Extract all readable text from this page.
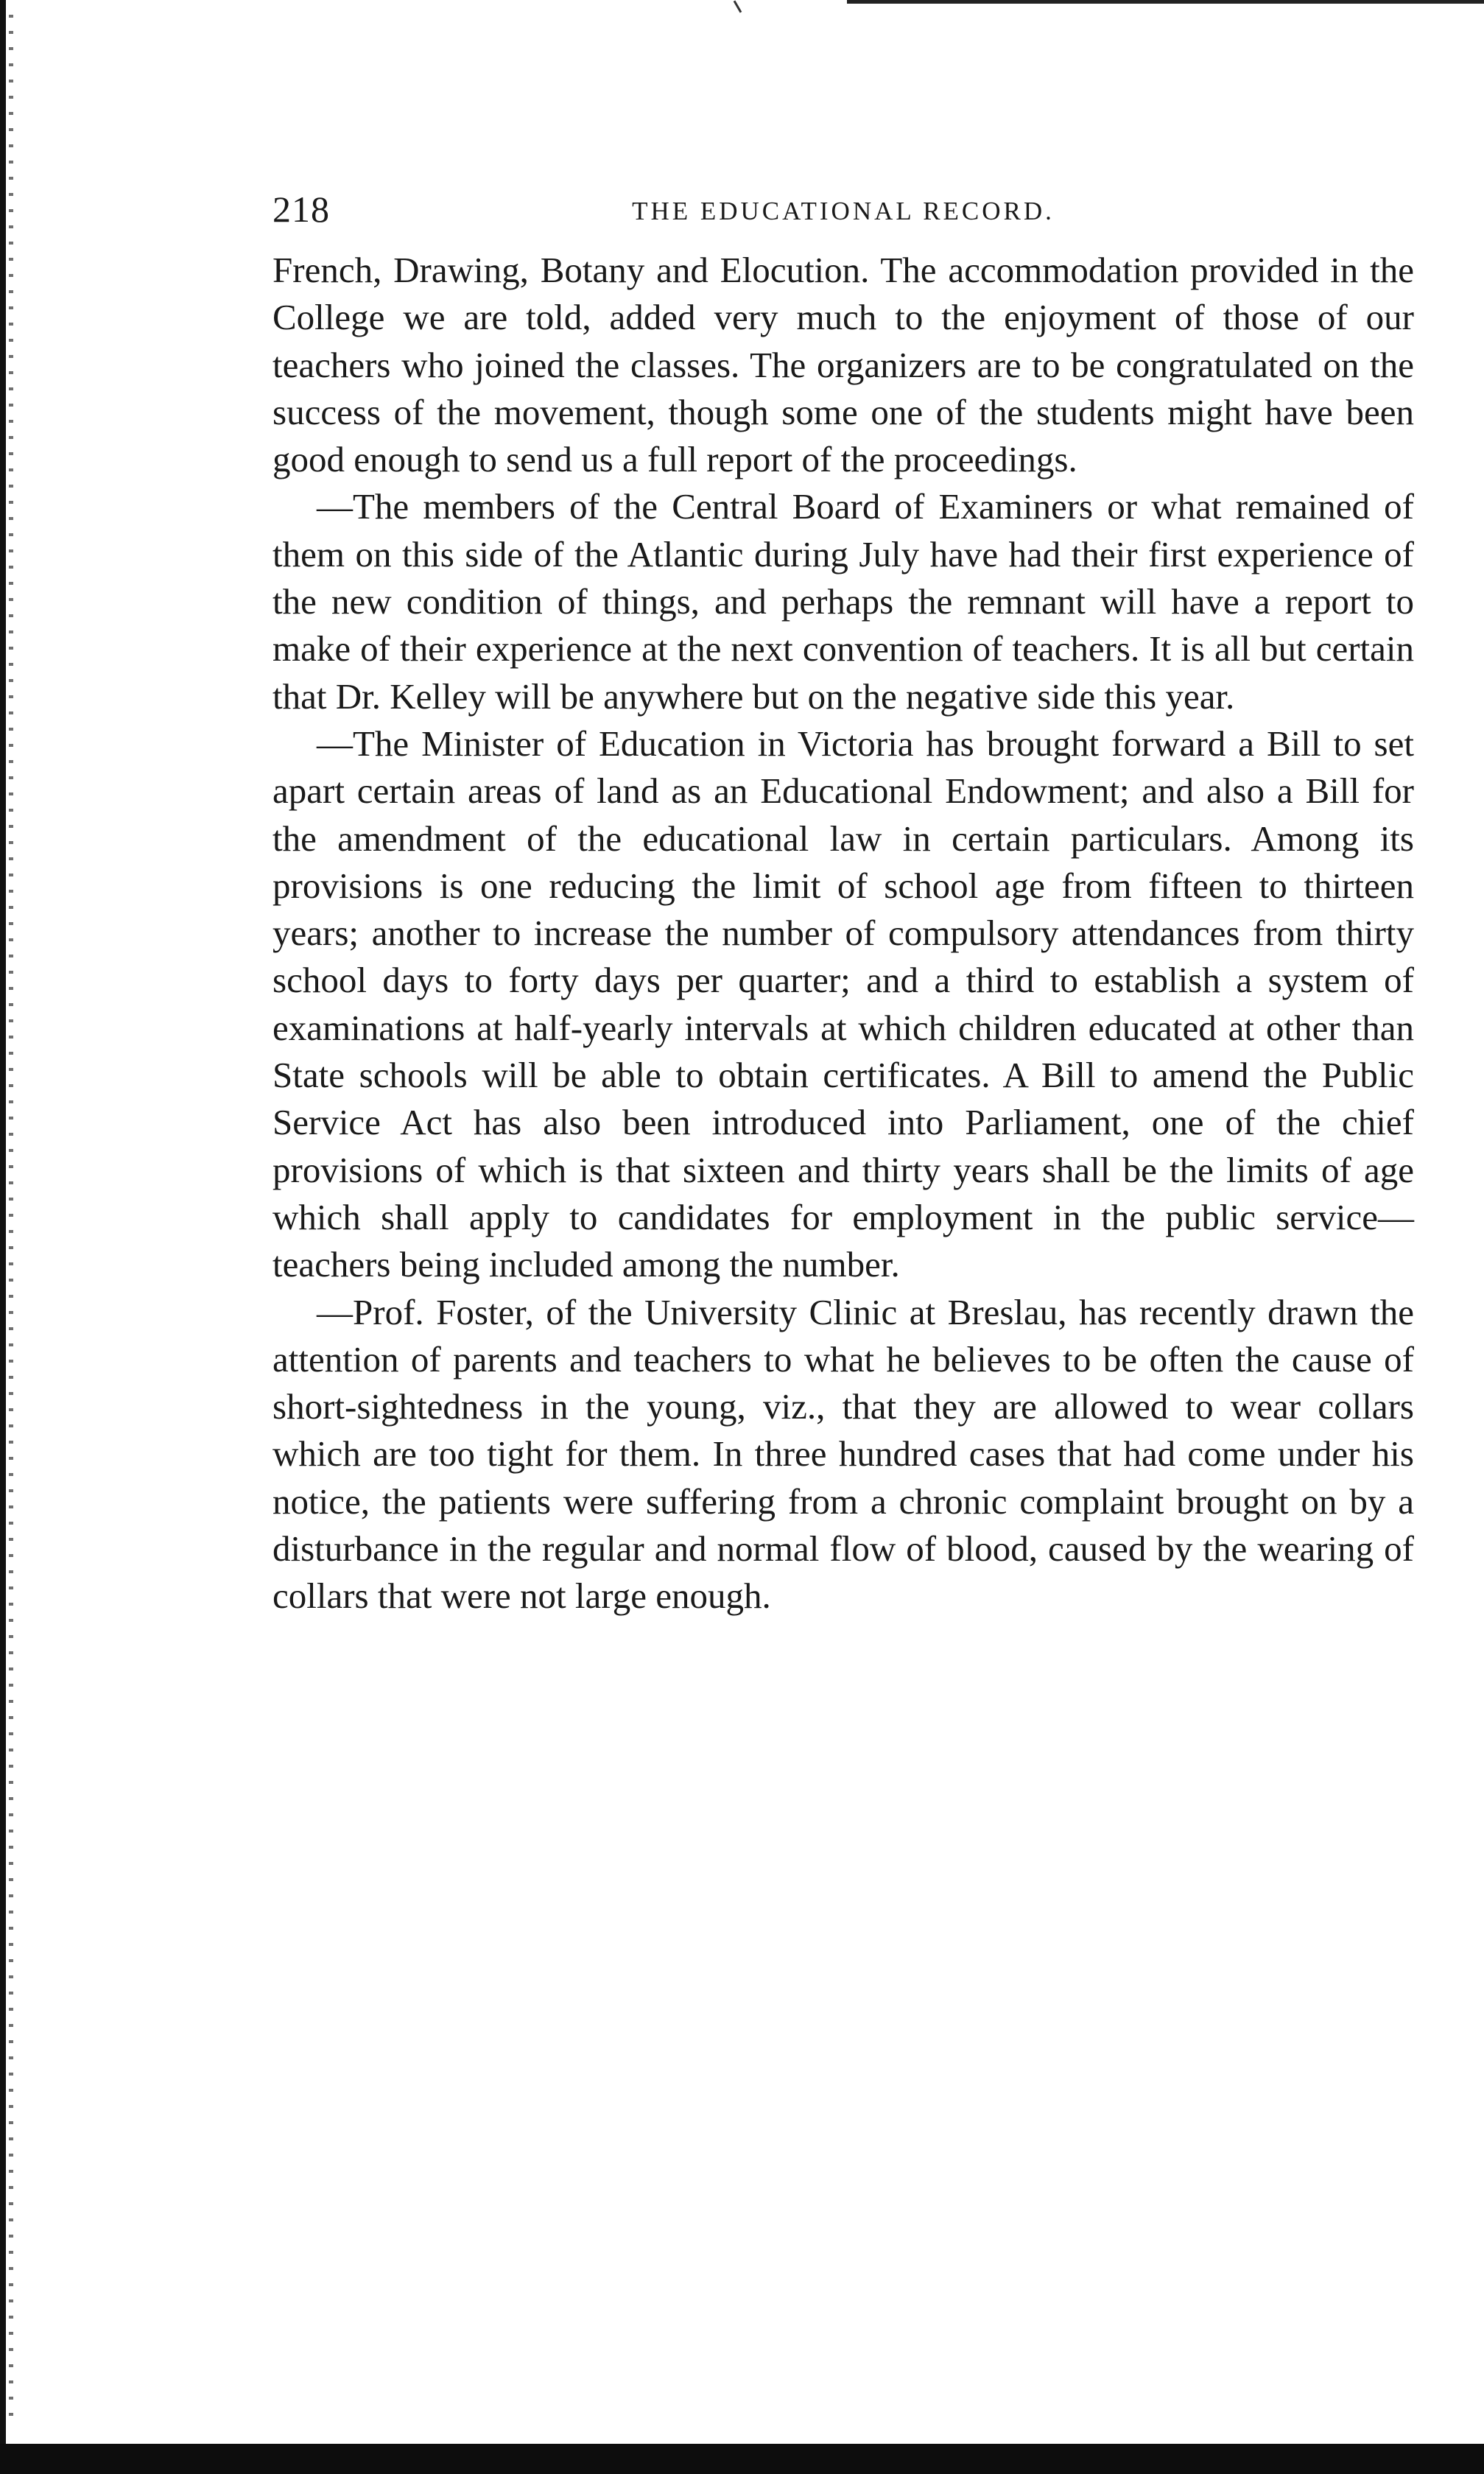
218	THE EDUCATIONAL RECORD.

French, Drawing, Botany and Elocution. The accommodation provided in the College we are told, added very much to the enjoyment of those of our teachers who joined the classes. The organizers are to be congratulated on the success of the movement, though some one of the students might have been good enough to send us a full report of the proceedings.

—The members of the Central Board of Examiners or what remained of them on this side of the Atlantic during July have had their first experience of the new condition of things, and perhaps the remnant will have a report to make of their experience at the next convention of teachers. It is all but certain that Dr. Kelley will be anywhere but on the negative side this year.

—The Minister of Education in Victoria has brought forward a Bill to set apart certain areas of land as an Educational Endowment; and also a Bill for the amendment of the educational law in certain particulars. Among its provisions is one reducing the limit of school age from fifteen to thirteen years; another to increase the number of compulsory attendances from thirty school days to forty days per quarter; and a third to establish a system of examinations at half-yearly intervals at which children educated at other than State schools will be able to obtain certificates. A Bill to amend the Public Service Act has also been introduced into Parliament, one of the chief provisions of which is that sixteen and thirty years shall be the limits of age which shall apply to candidates for employment in the public service—teachers being included among the number.

—Prof. Foster, of the University Clinic at Breslau, has recently drawn the attention of parents and teachers to what he believes to be often the cause of short-sightedness in the young, viz., that they are allowed to wear collars which are too tight for them. In three hundred cases that had come under his notice, the patients were suffering from a chronic complaint brought on by a disturbance in the regular and normal flow of blood, caused by the wearing of collars that were not large enough.
